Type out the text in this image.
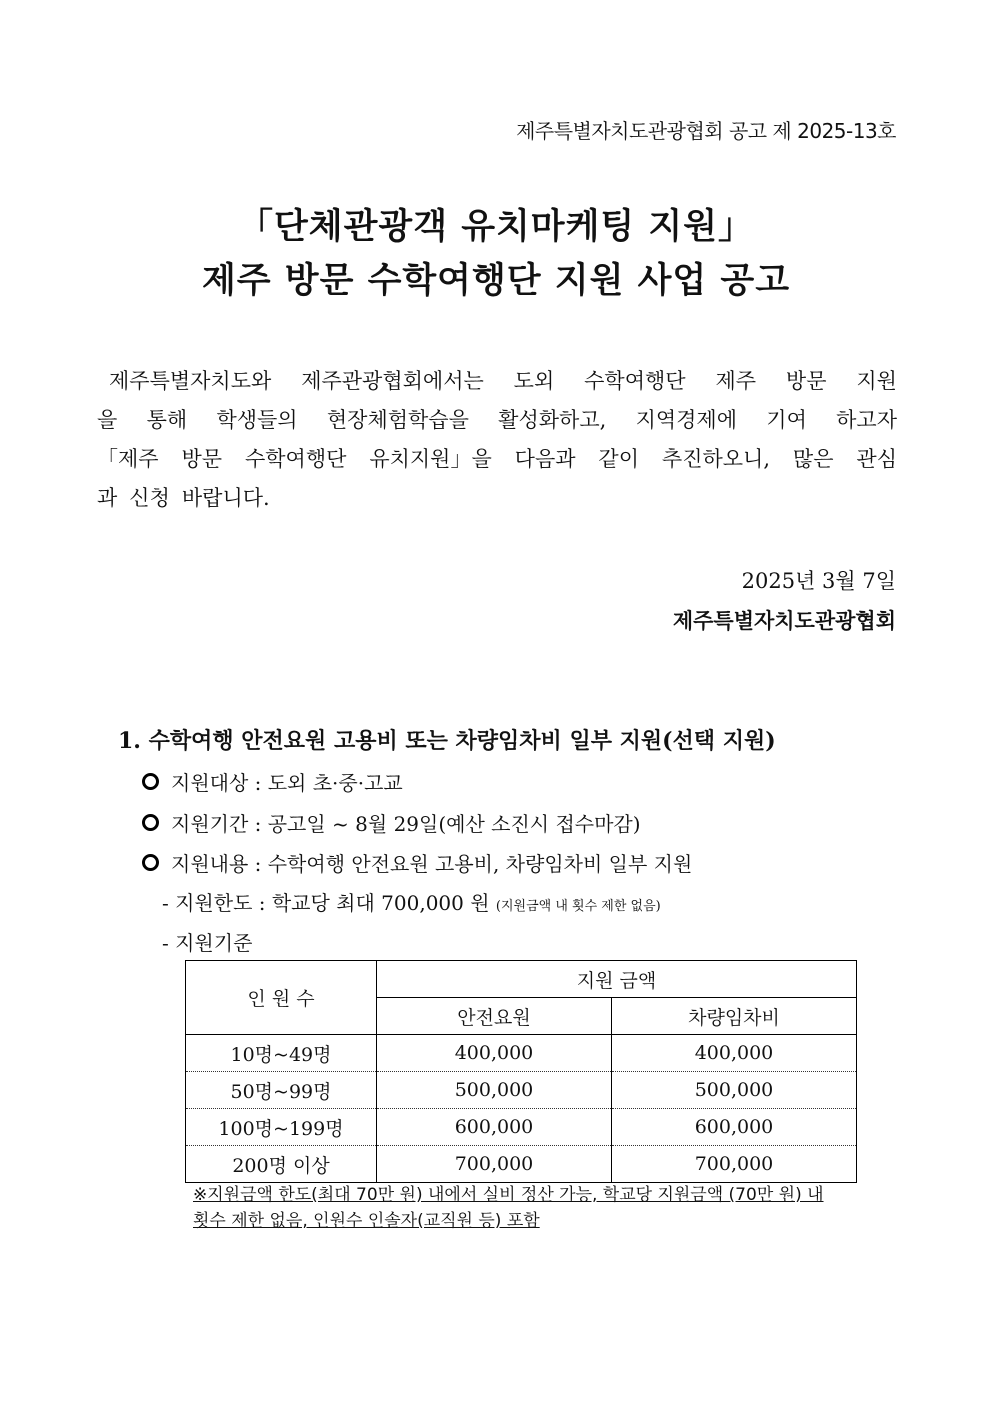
제주특별자치도관광협회 공고 제 2025-13호
「단체관광객 유치마케팅 지원」
제주 방문 수학여행단 지원 사업 공고
제주특별자치도와 제주관광협회에서는 도외 수학여행단 제주 방문 지원
을 통해 학생들의 현장체험학습을 활성화하고, 지역경제에 기여 하고자
「제주 방문 수학여행단 유치지원」을 다음과 같이 추진하오니, 많은 관심
과 신청 바랍니다.
2025년 3월 7일
제주특별자치도관광협회
1. 수학여행 안전요원 고용비 또는 차량임차비 일부 지원(선택 지원)
지원대상 : 도외 초·중·고교
지원기간 : 공고일 ~ 8월 29일(예산 소진시 접수마감)
지원내용 : 수학여행 안전요원 고용비, 차량임차비 일부 지원
- 지원한도 : 학교당 최대 700,000 원 (지원금액 내 횟수 제한 없음)
- 지원기준
인 원 수	지원 금액	
	안전요원	차량임차비
10명~49명	400,000	400,000
50명~99명	500,000	500,000
100명~199명	600,000	600,000
200명 이상	700,000	700,000
※지원금액 한도(최대 70만 원) 내에서 실비 정산 가능, 학교당 지원금액 (70만 원) 내
횟수 제한 없음, 인원수 인솔자(교직원 등) 포함
